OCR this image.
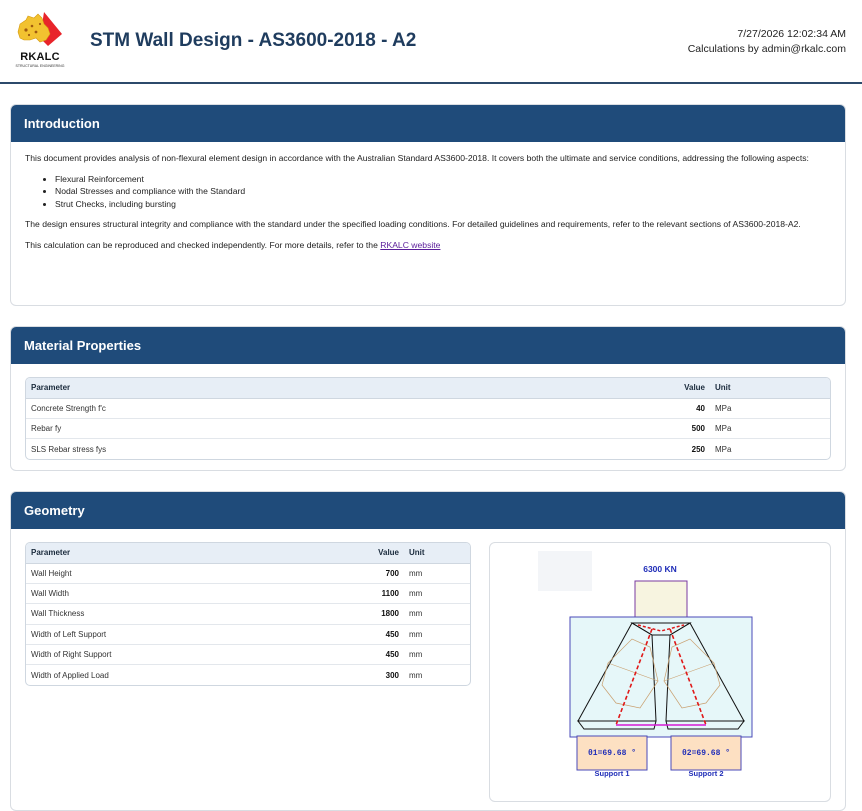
RKALC
STRUCTURAL ENGINEERING
STM Wall Design - AS3600-2018 - A2	7/27/2026 12:02:34 AM
Calculations by admin@rkalc.com
Introduction

This document provides analysis of non-flexural element design in accordance with the Australian Standard AS3600-2018. It covers both the ultimate and service conditions, addressing the following aspects:

• Flexural Reinforcement
• Nodal Stresses and compliance with the Standard
• Strut Checks, including bursting

The design ensures structural integrity and compliance with the standard under the specified loading conditions. For detailed guidelines and requirements, refer to the relevant sections of AS3600-2018-A2.

This calculation can be reproduced and checked independently. For more details, refer to the RKALC website

Material Properties
Parameter	Value	Unit
Concrete Strength f'c	40	MPa
Rebar fy	500	MPa
SLS Rebar stress fys	250	MPa
Geometry
Parameter	Value	Unit
Wall Height	700	mm
Wall Width	1100	mm
Wall Thickness	1800	mm
Width of Left Support	450	mm
Width of Right Support	450	mm
Width of Applied Load	300	mm
6300 KN
θ1=69.68 °	θ2=69.68 °
Support 1	Support 2
